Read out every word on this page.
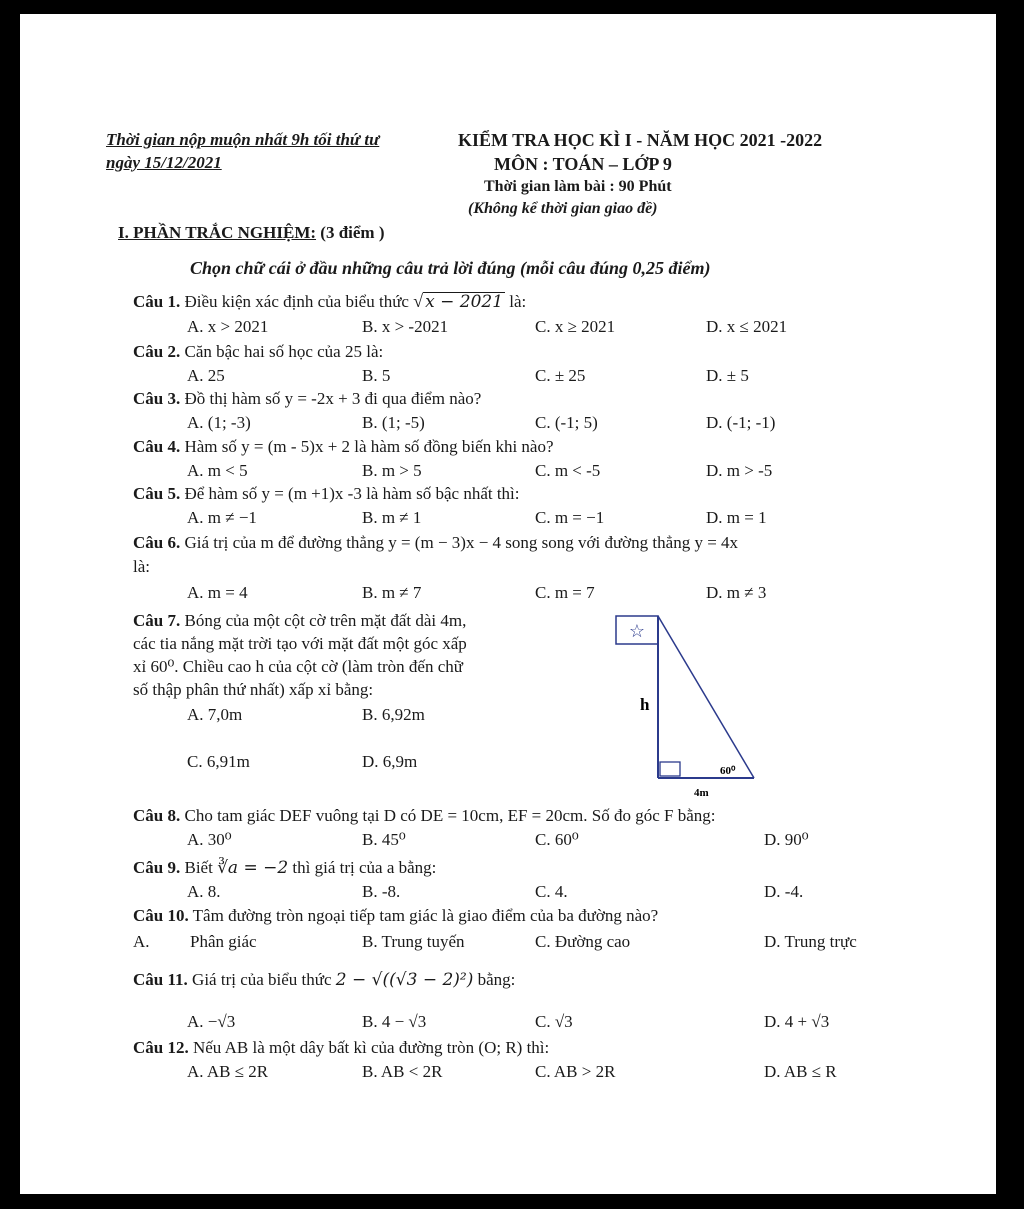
Thời gian nộp muộn nhất 9h tối thứ tư
ngày 15/12/2021
KIỂM TRA HỌC KÌ I - NĂM HỌC 2021 -2022
MÔN : TOÁN – LỚP 9
Thời gian làm bài : 90 Phút
(Không kể thời gian giao đề)
I. PHẦN TRẮC NGHIỆM: (3 điểm )
Chọn chữ cái ở đầu những câu trả lời đúng (mỗi câu đúng 0,25 điểm)
Câu 1. Điều kiện xác định của biểu thức √ x − 2021 là:
A. x > 2021	B. x > -2021	C. x ≥ 2021	D. x ≤ 2021
Câu 2. Căn bậc hai số học của 25 là:
A. 25	B. 5	C. ± 25	D. ± 5
Câu 3. Đồ thị hàm số y = -2x + 3 đi qua điểm nào?
A. (1; -3)	B. (1; -5)	C. (-1; 5)	D. (-1; -1)
Câu 4. Hàm số y = (m - 5)x + 2 là hàm số đồng biến khi nào?
A. m < 5	B. m > 5	C. m < -5	D. m > -5
Câu 5. Để hàm số y = (m +1)x -3 là hàm số bậc nhất thì:
A. m ≠ −1	B. m ≠ 1	C. m = −1	D. m = 1
Câu 6. Giá trị của m để đường thẳng y = (m − 3)x − 4 song song với đường thẳng y = 4x
là:
A. m = 4	B. m ≠ 7	C. m = 7	D. m ≠ 3
Câu 7. Bóng của một cột cờ trên mặt đất dài 4m,
các tia nắng mặt trời tạo với mặt đất một góc xấp
xỉ 60⁰. Chiều cao h của cột cờ (làm tròn đến chữ
số thập phân thứ nhất) xấp xỉ bằng:
A. 7,0m	B. 6,92m
C. 6,91m	D. 6,9m
☆
h
60⁰
4m
Câu 8. Cho tam giác DEF vuông tại D có DE = 10cm, EF = 20cm. Số đo góc F bằng:
A. 30⁰	B. 45⁰	C. 60⁰	D. 90⁰
Câu 9. Biết ∛a = −2 thì giá trị của a bằng:
A. 8.	B. -8.	C. 4.	D. -4.
Câu 10. Tâm đường tròn ngoại tiếp tam giác là giao điểm của ba đường nào?
A. Phân giác	B. Trung tuyến	C. Đường cao	D. Trung trực
Câu 11. Giá trị của biểu thức 2 − √((√3 − 2)²) bằng:
A. −√3	B. 4 − √3	C. √3	D. 4 + √3
Câu 12. Nếu AB là một dây bất kì của đường tròn (O; R) thì:
A. AB ≤ 2R	B. AB < 2R	C. AB > 2R	D. AB ≤ R
